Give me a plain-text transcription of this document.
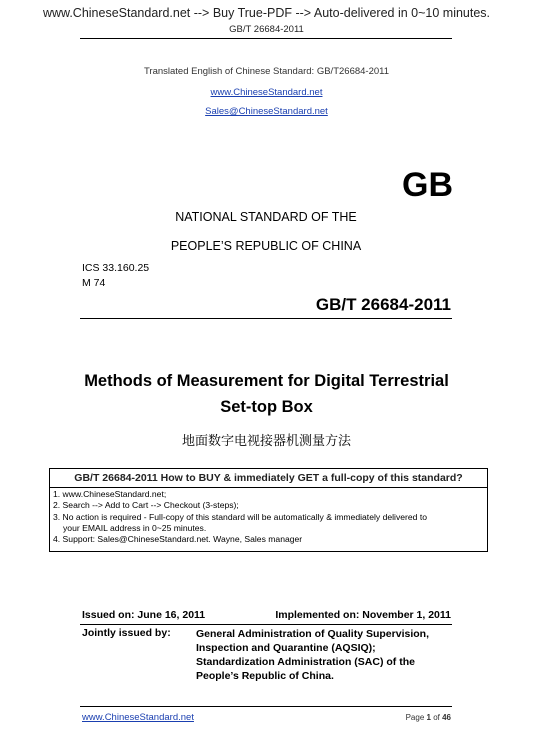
www.ChineseStandard.net --> Buy True-PDF --> Auto-delivered in 0~10 minutes.
GB/T 26684-2011
Translated English of Chinese Standard: GB/T26684-2011
www.ChineseStandard.net
Sales@ChineseStandard.net
GB
NATIONAL STANDARD OF THE
PEOPLE’S REPUBLIC OF CHINA
ICS 33.160.25
M 74
GB/T 26684-2011
Methods of Measurement for Digital Terrestrial
Set-top Box
地面数字电视接器机测量方法
GB/T 26684-2011 How to BUY & immediately GET a full-copy of this standard?
1. www.ChineseStandard.net;
2. Search --> Add to Cart --> Checkout (3-steps);
3. No action is required - Full-copy of this standard will be automatically & immediately delivered to
your EMAIL address in 0~25 minutes.
4. Support: Sales@ChineseStandard.net. Wayne, Sales manager
Issued on: June 16, 2011	Implemented on: November 1, 2011
Jointly issued by: General Administration of Quality Supervision,
Inspection and Quarantine (AQSIQ);
Standardization Administration (SAC) of the
People’s Republic of China.
www.ChineseStandard.net	Page 1 of 46
